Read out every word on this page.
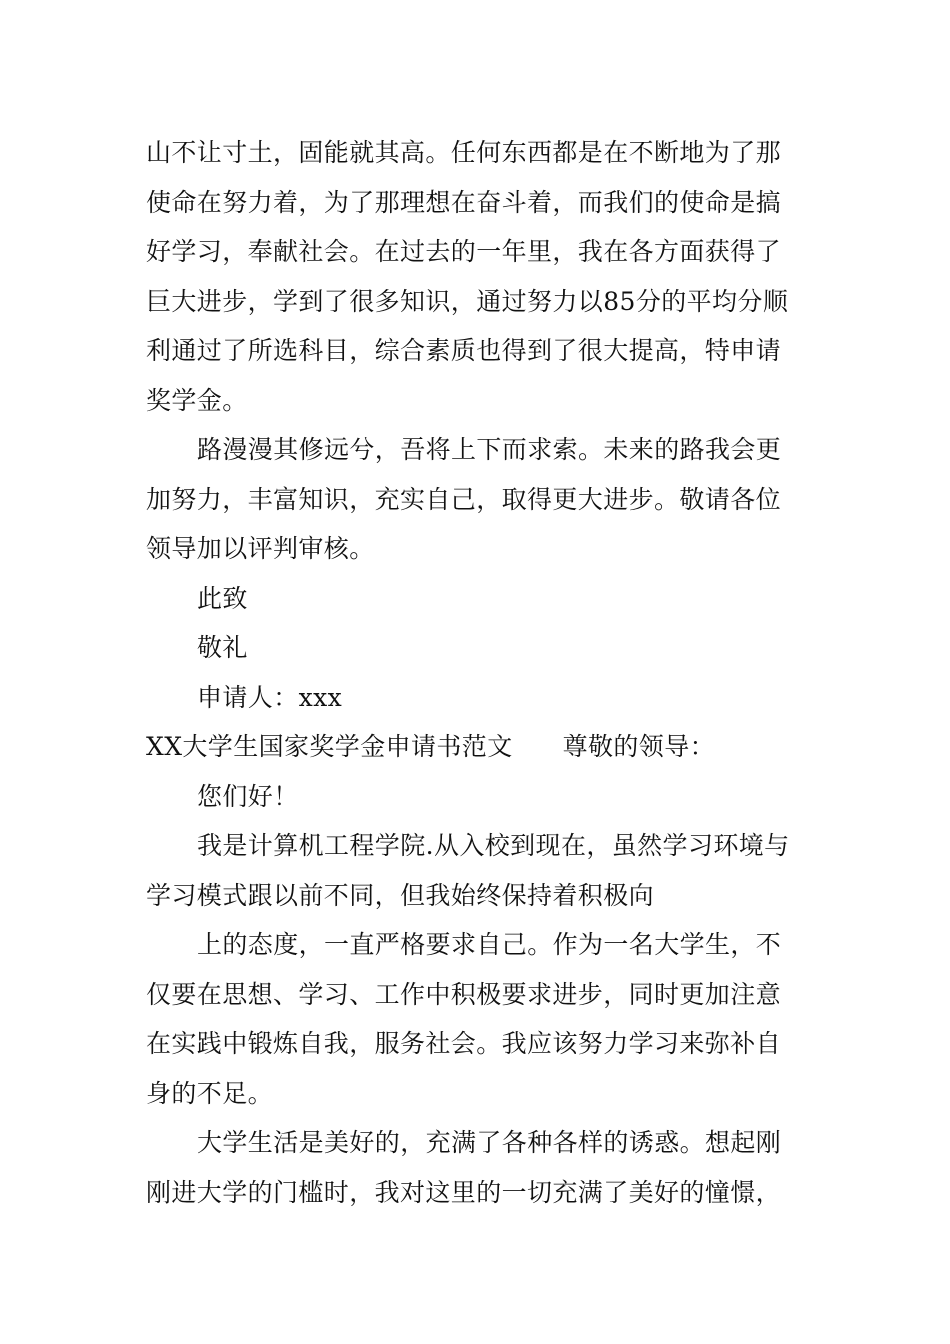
山不让寸土，固能就其高。任何东西都是在不断地为了那
使命在努力着，为了那理想在奋斗着，而我们的使命是搞
好学习，奉献社会。在过去的一年里，我在各方面获得了
巨大进步，学到了很多知识，通过努力以85分的平均分顺
利通过了所选科目，综合素质也得到了很大提高，特申请
奖学金。
路漫漫其修远兮，吾将上下而求索。未来的路我会更
加努力，丰富知识，充实自己，取得更大进步。敬请各位
领导加以评判审核。
此致
敬礼
申请人：xxx
XX大学生国家奖学金申请书范文 尊敬的领导：
您们好！
我是计算机工程学院.从入校到现在，虽然学习环境与
学习模式跟以前不同，但我始终保持着积极向
上的态度，一直严格要求自己。作为一名大学生，不
仅要在思想、学习、工作中积极要求进步，同时更加注意
在实践中锻炼自我，服务社会。我应该努力学习来弥补自
身的不足。
大学生活是美好的，充满了各种各样的诱惑。想起刚
刚进大学的门槛时，我对这里的一切充满了美好的憧憬，
